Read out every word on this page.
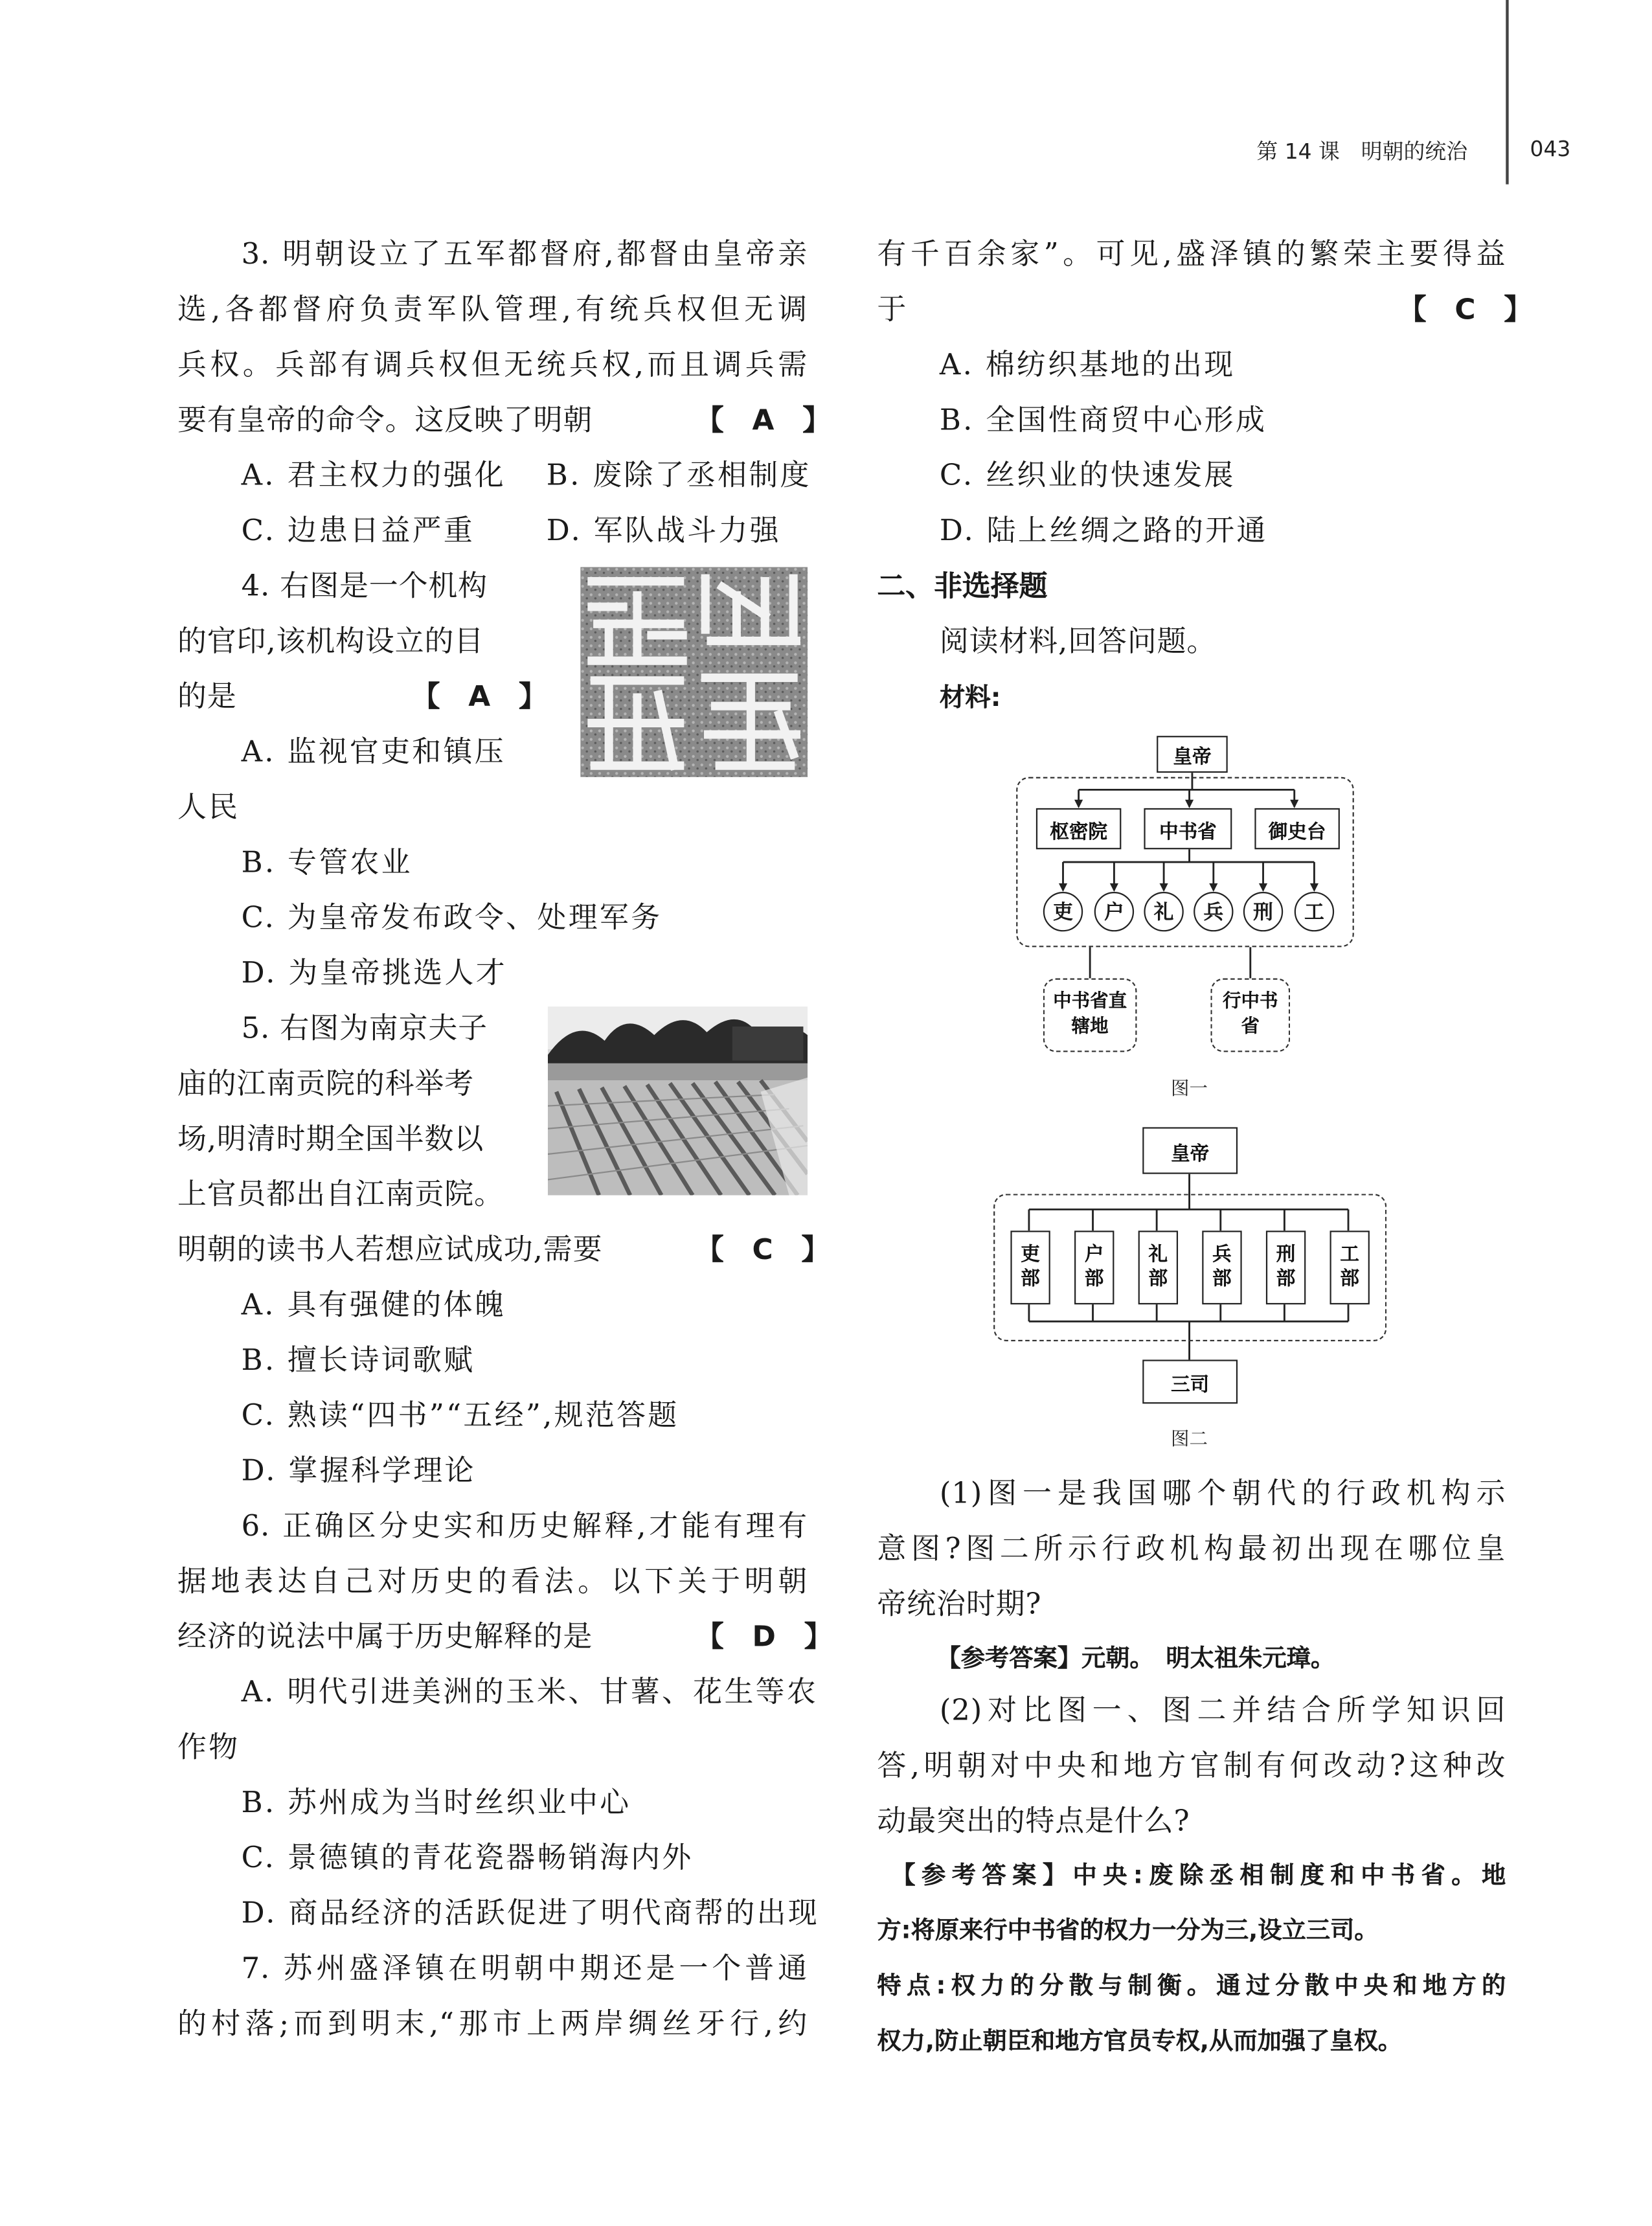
第 14 课　明朝的统治	043
3. 明朝设立了五军都督府,都督由皇帝亲
选,各都督府负责军队管理,有统兵权但无调
兵权。兵部有调兵权但无统兵权,而且调兵需
要有皇帝的命令。这反映了明朝	【　A　】
A. 君主权力的强化	B. 废除了丞相制度
C. 边患日益严重	D. 军队战斗力强
4. 右图是一个机构
的官印,该机构设立的目
的是	【　A　】
A. 监视官吏和镇压
人民
B. 专管农业
C. 为皇帝发布政令、处理军务
D. 为皇帝挑选人才
5. 右图为南京夫子
庙的江南贡院的科举考
场,明清时期全国半数以
上官员都出自江南贡院。
明朝的读书人若想应试成功,需要	【　C　】
A. 具有强健的体魄
B. 擅长诗词歌赋
C. 熟读“四书”“五经”,规范答题
D. 掌握科学理论
6. 正确区分史实和历史解释,才能有理有
据地表达自己对历史的看法。以下关于明朝
经济的说法中属于历史解释的是	【　D　】
A. 明代引进美洲的玉米、甘薯、花生等农
作物
B. 苏州成为当时丝织业中心
C. 景德镇的青花瓷器畅销海内外
D. 商品经济的活跃促进了明代商帮的出现
7. 苏州盛泽镇在明朝中期还是一个普通
的村落;而到明末,“那市上两岸绸丝牙行,约
有千百余家”。可见,盛泽镇的繁荣主要得益
于	【　C　】
A. 棉纺织基地的出现
B. 全国性商贸中心形成
C. 丝织业的快速发展
D. 陆上丝绸之路的开通
二、非选择题
阅读材料,回答问题。
材料:
皇帝
枢密院	中书省	御史台
吏	户	礼	兵	刑	工
中书省直辖地
行中书省
图一
皇帝
吏部
户部
礼部
兵部
刑部
工部
三司
图二
(1)图一是我国哪个朝代的行政机构示
意图?图二所示行政机构最初出现在哪位皇
帝统治时期?
【参考答案】元朝。　明太祖朱元璋。
(2)对比图一、图二并结合所学知识回
答,明朝对中央和地方官制有何改动?这种改
动最突出的特点是什么?
【参考答案】中央:废除丞相制度和中书省。地
方:将原来行中书省的权力一分为三,设立三司。
特点:权力的分散与制衡。通过分散中央和地方的
权力,防止朝臣和地方官员专权,从而加强了皇权。
